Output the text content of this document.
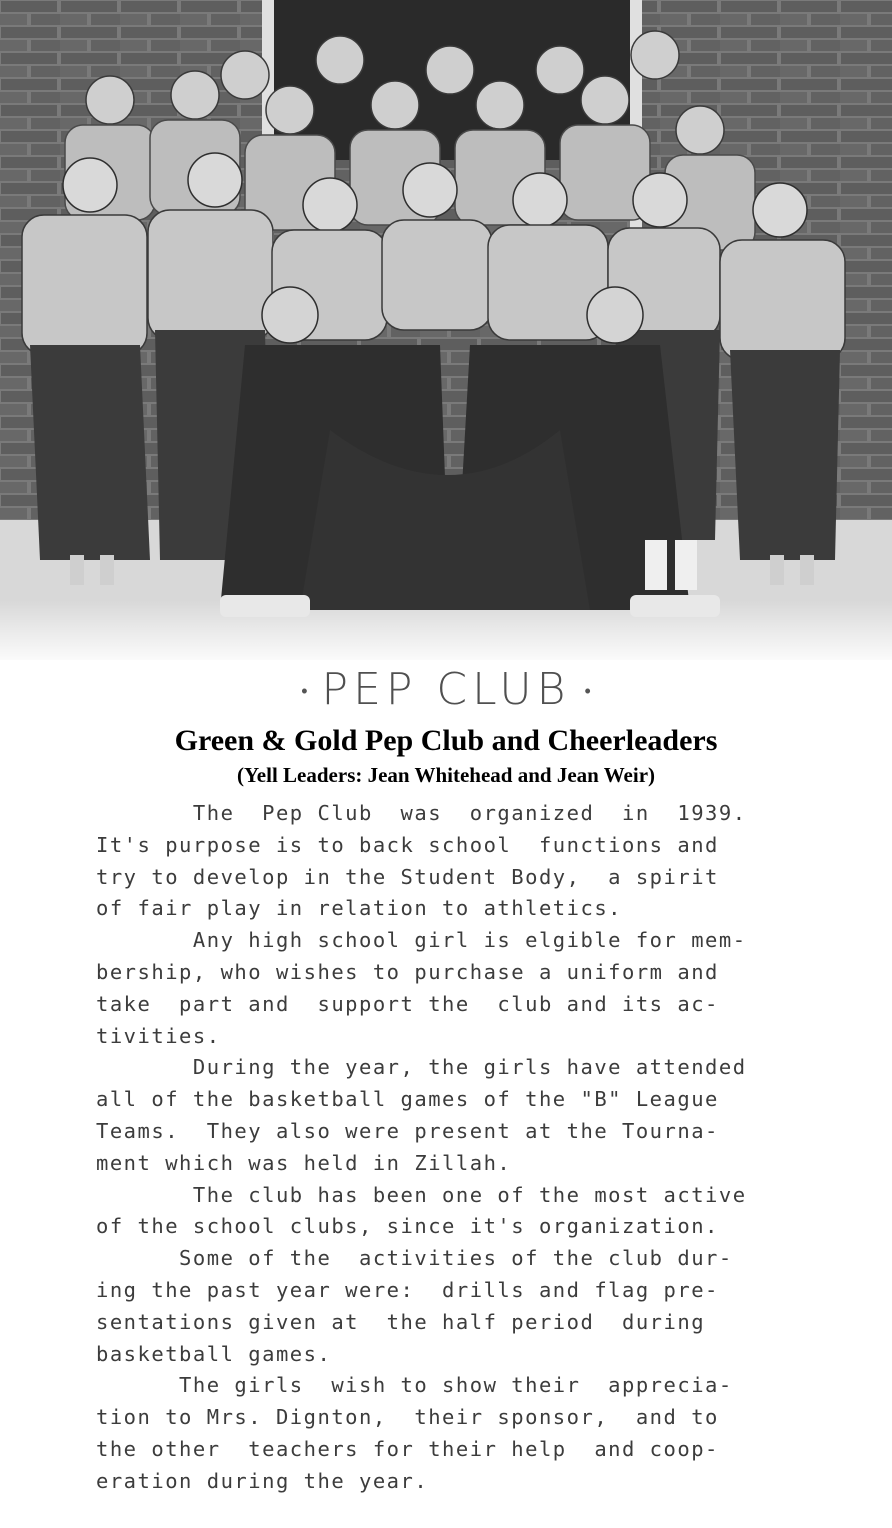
• PEP CLUB •
Green & Gold Pep Club and Cheerleaders
(Yell Leaders: Jean Whitehead and Jean Weir)
The  Pep Club  was  organized  in  1939.
It's purpose is to back school  functions and
try to develop in the Student Body,  a spirit
of fair play in relation to athletics.
Any high school girl is elgible for mem-
bership, who wishes to purchase a uniform and
take  part and  support the  club and its ac-
tivities.
During the year, the girls have attended
all of the basketball games of the "B" League
Teams.  They also were present at the Tourna-
ment which was held in Zillah.
The club has been one of the most active
of the school clubs, since it's organization.
Some of the  activities of the club dur-
ing the past year were:  drills and flag pre-
sentations given at  the half period  during
basketball games.
The girls  wish to show their  apprecia-
tion to Mrs. Dignton,  their sponsor,  and to
the other  teachers for their help  and coop-
eration during the year.
